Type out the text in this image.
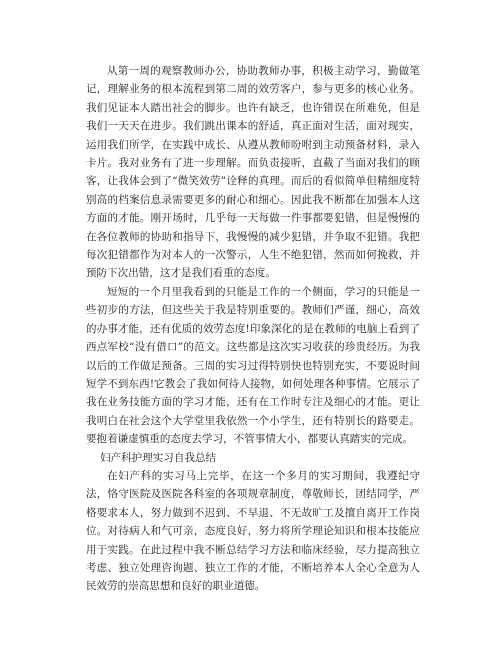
从第一周的观察教师办公，协助教师办事，积极主动学习，勤做笔记，理解业务的根本流程到第二周的效劳客户，参与更多的核心业务。我们见证本人踏出社会的脚步。也许有缺乏，也许错误在所难免，但是我们一天天在进步。我们跳出课本的舒适，真正面对生活，面对现实，运用我们所学，在实践中成长、从遵从教师吩咐到主动预备材料，录入卡片。我对业务有了进一步理解。而负责接听，直截了当面对我们的顾客，让我体会到了“微笑效劳”诠释的真理。而后的看似简单但精细度特别高的档案信息录需要更多的耐心和细心。因此我不断都在加强本人这方面的才能。刚开场时，几乎每一天每做一件事都要犯错，但是慢慢的在各位教师的协助和指导下，我慢慢的减少犯错，并争取不犯错。我把每次犯错都作为对本人的一次警示，人生不绝犯错，然而如何挽救，并预防下次出错，这才是我们看重的态度。

短短的一个月里我看到的只能是工作的一个侧面，学习的只能是一些初步的方法，但这些关于我是特别重要的。教师们严谨，细心，高效的办事才能，还有优质的效劳态度!印象深化的是在教师的电脑上看到了西点军校“没有借口”的范文。这些都是这次实习收获的珍贵经历。为我以后的工作做足预备。三周的实习过得特别快也特别充实，不要说时间短学不到东西!它教会了我如何待人接物，如何处理各种事情。它展示了我在业务技能方面的学习才能，还有在工作时专注及细心的才能。更让我明白在社会这个大学堂里我依然一个小学生，还有特别长的路要走。要抱着谦虚慎重的态度去学习，不管事情大小，都要认真踏实的完成。

妇产科护理实习自我总结

在妇产科的实习马上完毕，在这一个多月的实习期间，我遵纪守法，恪守医院及医院各科室的各项规章制度，尊敬师长，团结同学，严格要求本人，努力做到不迟到、不早退、不无故旷工及擅自离开工作岗位。对待病人和气可亲，态度良好，努力将所学理论知识和根本技能应用于实践。在此过程中我不断总结学习方法和临床经验，尽力提高独立考虑、独立处理咨询题、独立工作的才能，不断培养本人全心全意为人民效劳的崇高思想和良好的职业道德。
